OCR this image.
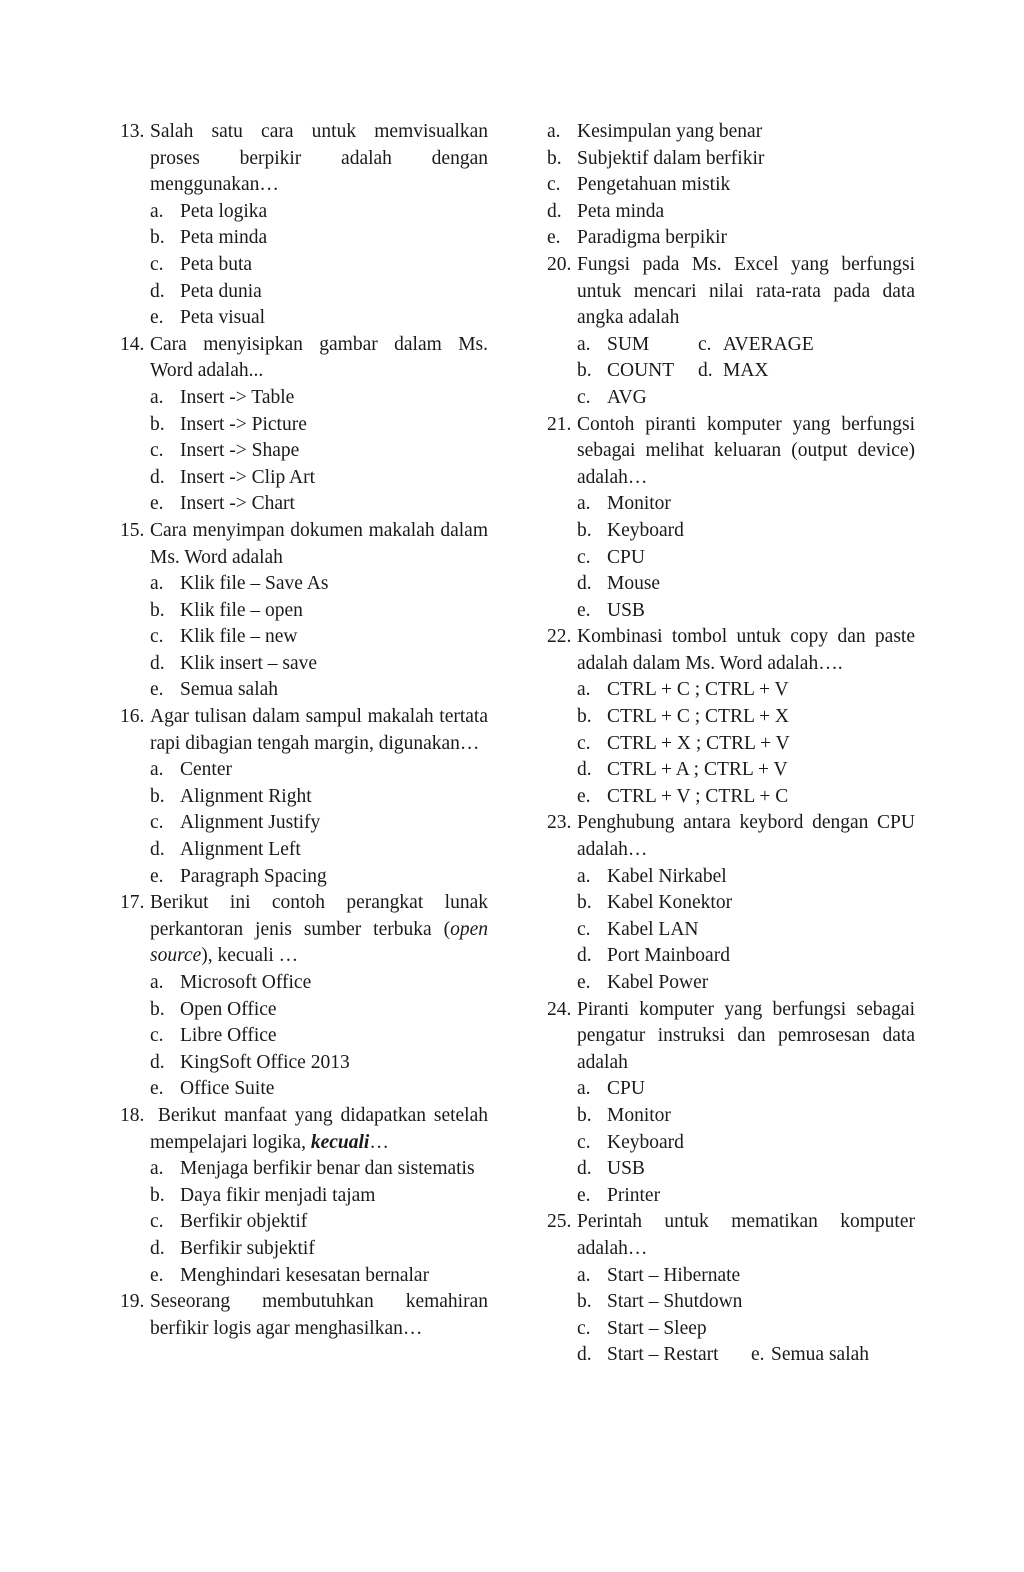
13. Salah satu cara untuk memvisualkan proses berpikir adalah dengan menggunakan…
a. Peta logika
b. Peta minda
c. Peta buta
d. Peta dunia
e. Peta visual
14. Cara menyisipkan gambar dalam Ms. Word adalah...
a. Insert -> Table
b. Insert -> Picture
c. Insert -> Shape
d. Insert -> Clip Art
e. Insert -> Chart
15. Cara menyimpan dokumen makalah dalam Ms. Word adalah
a. Klik file – Save As
b. Klik file – open
c. Klik file – new
d. Klik insert – save
e. Semua salah
16. Agar tulisan dalam sampul makalah tertata rapi dibagian tengah margin, digunakan…
a. Center
b. Alignment Right
c. Alignment Justify
d. Alignment Left
e. Paragraph Spacing
17. Berikut ini contoh perangkat lunak perkantoran jenis sumber terbuka (open source), kecuali …
a. Microsoft Office
b. Open Office
c. Libre Office
d. KingSoft Office 2013
e. Office Suite
18. Berikut manfaat yang didapatkan setelah mempelajari logika, kecuali…
a. Menjaga berfikir benar dan sistematis
b. Daya fikir menjadi tajam
c. Berfikir objektif
d. Berfikir subjektif
e. Menghindari kesesatan bernalar
19. Seseorang membutuhkan kemahiran berfikir logis agar menghasilkan…
a. Kesimpulan yang benar
b. Subjektif dalam berfikir
c. Pengetahuan mistik
d. Peta minda
e. Paradigma berpikir
20. Fungsi pada Ms. Excel yang berfungsi untuk mencari nilai rata-rata pada data angka adalah
a. SUM	c. AVERAGE
b. COUNT	d. MAX
c. AVG
21. Contoh piranti komputer yang berfungsi sebagai melihat keluaran (output device) adalah…
a. Monitor
b. Keyboard
c. CPU
d. Mouse
e. USB
22. Kombinasi tombol untuk copy dan paste adalah dalam Ms. Word adalah….
a. CTRL + C ; CTRL + V
b. CTRL + C ; CTRL + X
c. CTRL + X ; CTRL + V
d. CTRL + A ; CTRL + V
e. CTRL + V ; CTRL + C
23. Penghubung antara keybord dengan CPU adalah…
a. Kabel Nirkabel
b. Kabel Konektor
c. Kabel LAN
d. Port Mainboard
e. Kabel Power
24. Piranti komputer yang berfungsi sebagai pengatur instruksi dan pemrosesan data adalah
a. CPU
b. Monitor
c. Keyboard
d. USB
e. Printer
25. Perintah untuk mematikan komputer adalah…
a. Start – Hibernate
b. Start – Shutdown
c. Start – Sleep
d. Start – Restart	e. Semua salah
